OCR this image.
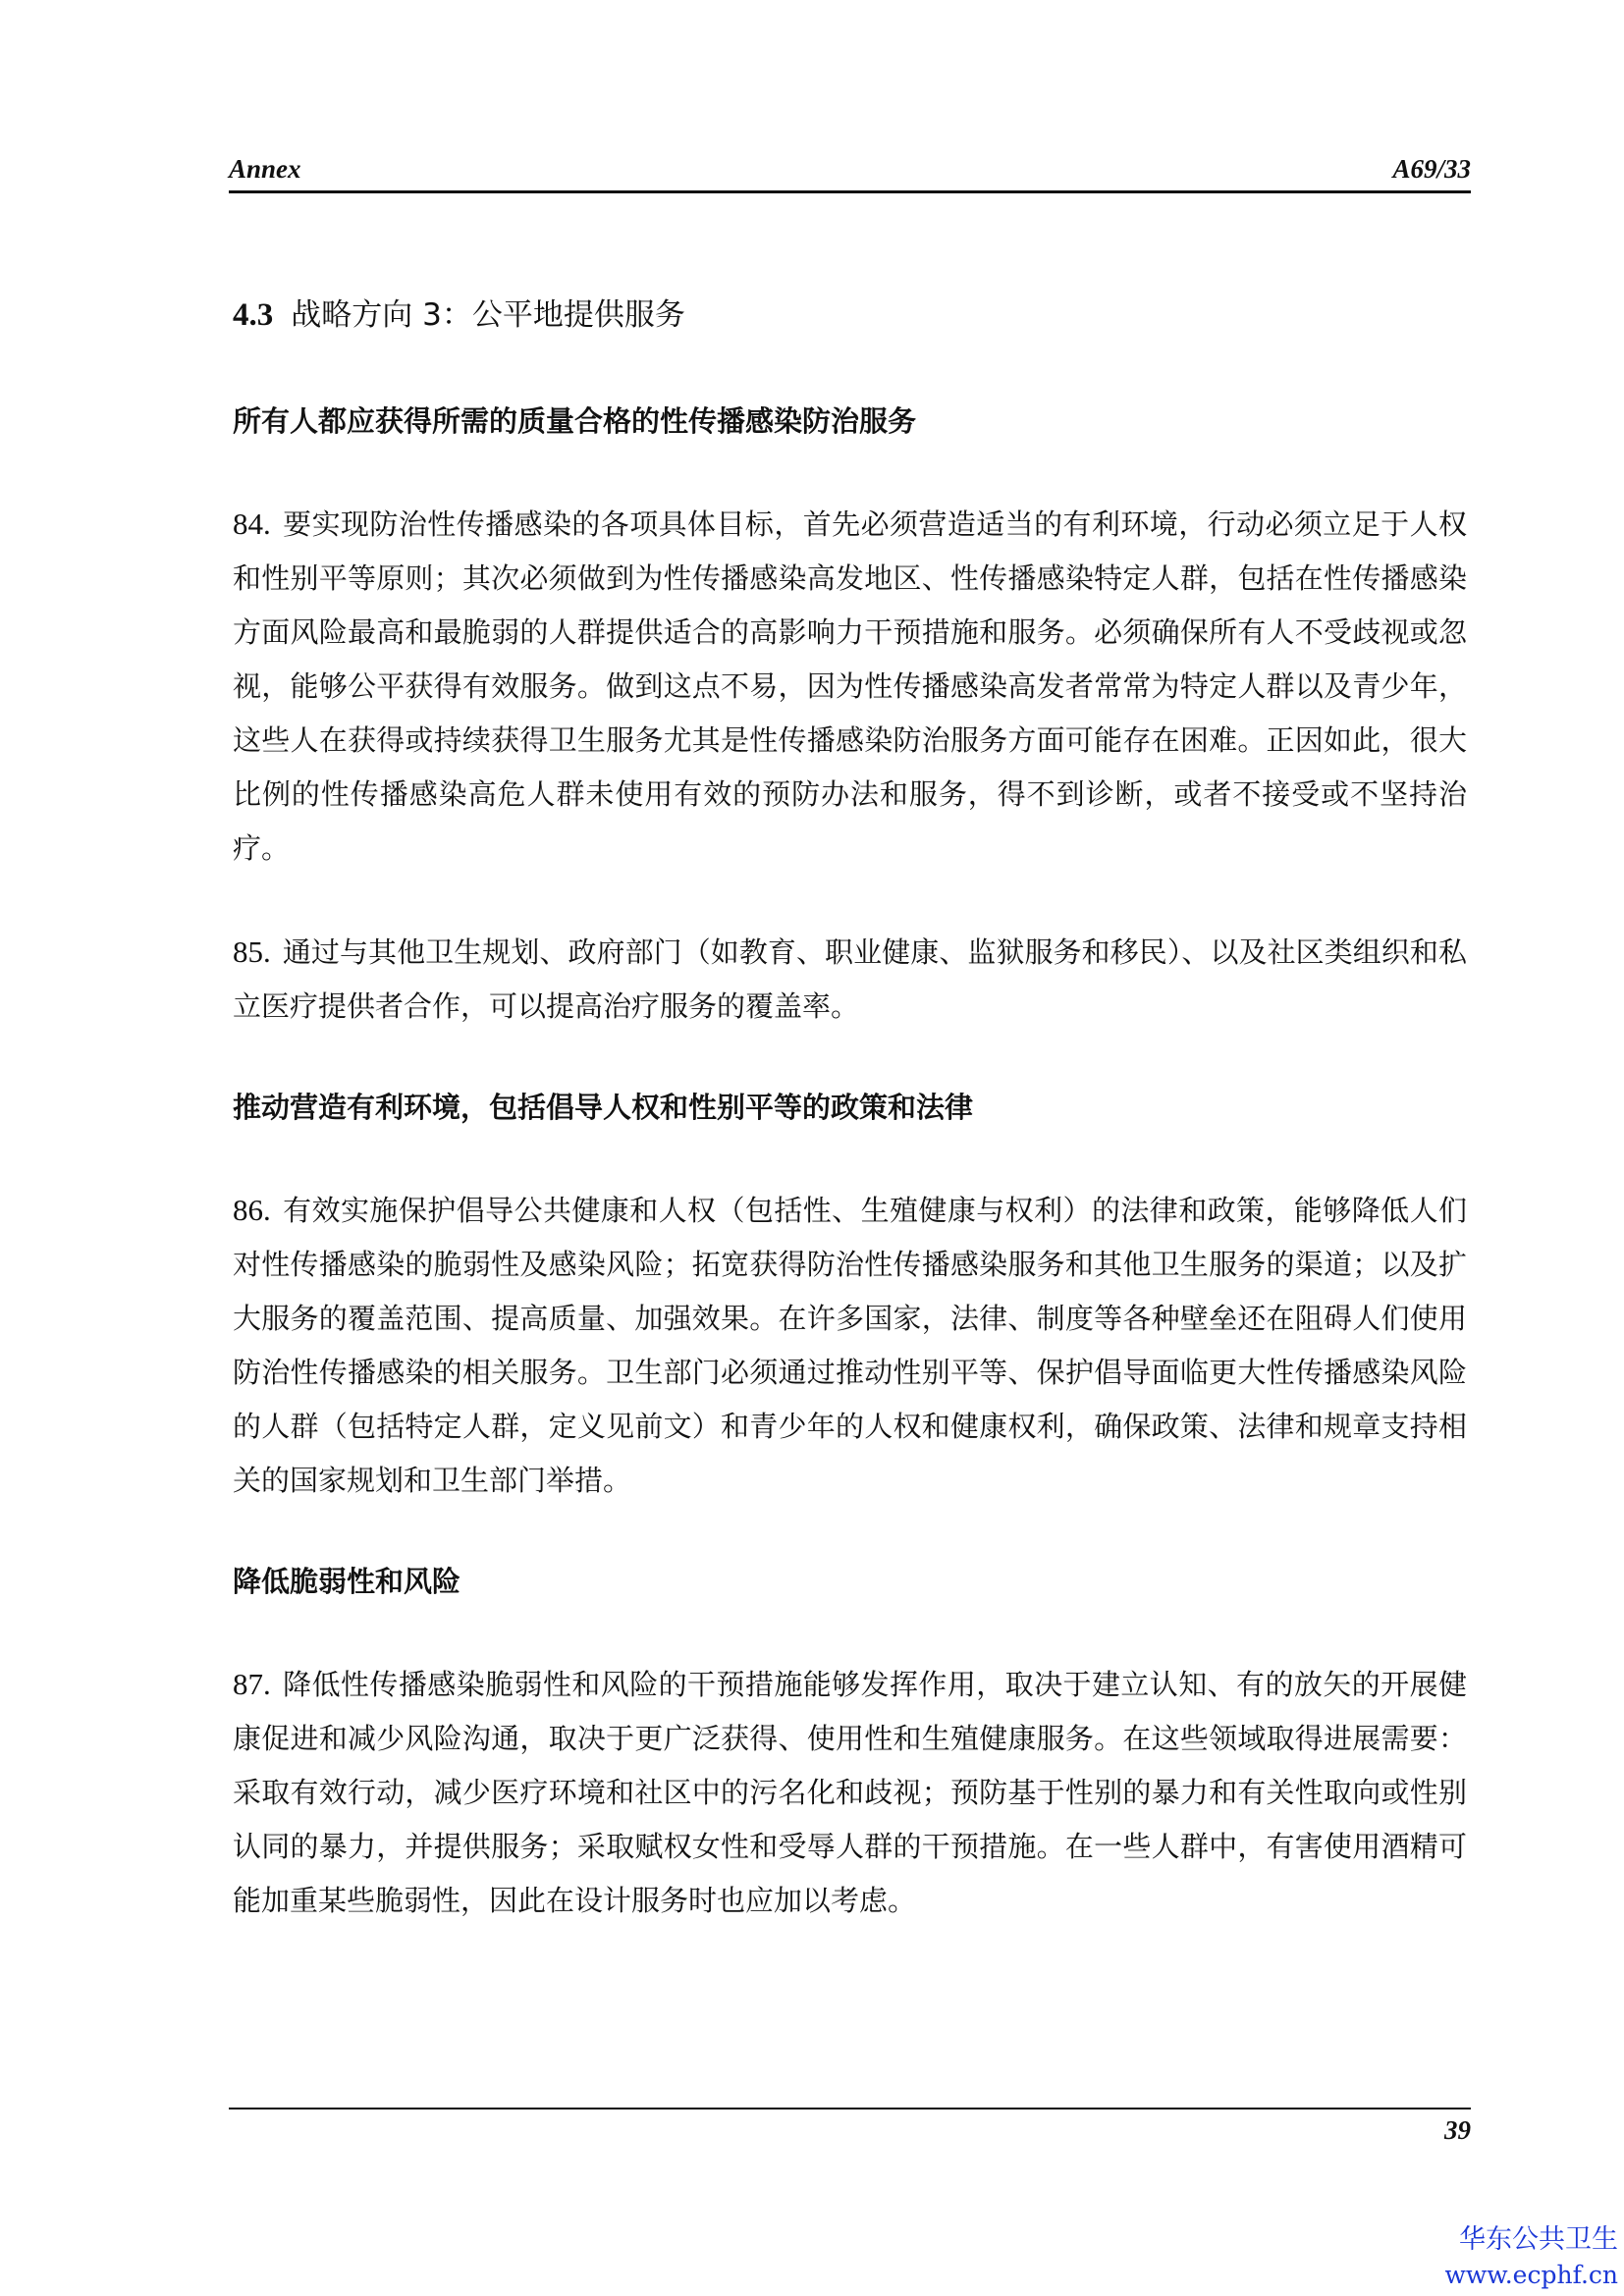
Annex	A69/33
4.3 战略方向 3：公平地提供服务
所有人都应获得所需的质量合格的性传播感染防治服务

84. 要实现防治性传播感染的各项具体目标，首先必须营造适当的有利环境，行动必须立足于人权和性别平等原则；其次必须做到为性传播感染高发地区、性传播感染特定人群，包括在性传播感染方面风险最高和最脆弱的人群提供适合的高影响力干预措施和服务。必须确保所有人不受歧视或忽视，能够公平获得有效服务。做到这点不易，因为性传播感染高发者常常为特定人群以及青少年，这些人在获得或持续获得卫生服务尤其是性传播感染防治服务方面可能存在困难。正因如此，很大比例的性传播感染高危人群未使用有效的预防办法和服务，得不到诊断，或者不接受或不坚持治疗。

85. 通过与其他卫生规划、政府部门（如教育、职业健康、监狱服务和移民）、以及社区类组织和私立医疗提供者合作，可以提高治疗服务的覆盖率。

推动营造有利环境，包括倡导人权和性别平等的政策和法律

86. 有效实施保护倡导公共健康和人权（包括性、生殖健康与权利）的法律和政策，能够降低人们对性传播感染的脆弱性及感染风险；拓宽获得防治性传播感染服务和其他卫生服务的渠道；以及扩大服务的覆盖范围、提高质量、加强效果。在许多国家，法律、制度等各种壁垒还在阻碍人们使用防治性传播感染的相关服务。卫生部门必须通过推动性别平等、保护倡导面临更大性传播感染风险的人群（包括特定人群，定义见前文）和青少年的人权和健康权利，确保政策、法律和规章支持相关的国家规划和卫生部门举措。

降低脆弱性和风险

87. 降低性传播感染脆弱性和风险的干预措施能够发挥作用，取决于建立认知、有的放矢的开展健康促进和减少风险沟通，取决于更广泛获得、使用性和生殖健康服务。在这些领域取得进展需要：采取有效行动，减少医疗环境和社区中的污名化和歧视；预防基于性别的暴力和有关性取向或性别认同的暴力，并提供服务；采取赋权女性和受辱人群的干预措施。在一些人群中，有害使用酒精可能加重某些脆弱性，因此在设计服务时也应加以考虑。

39
华东公共卫生
www.ecphf.cn
